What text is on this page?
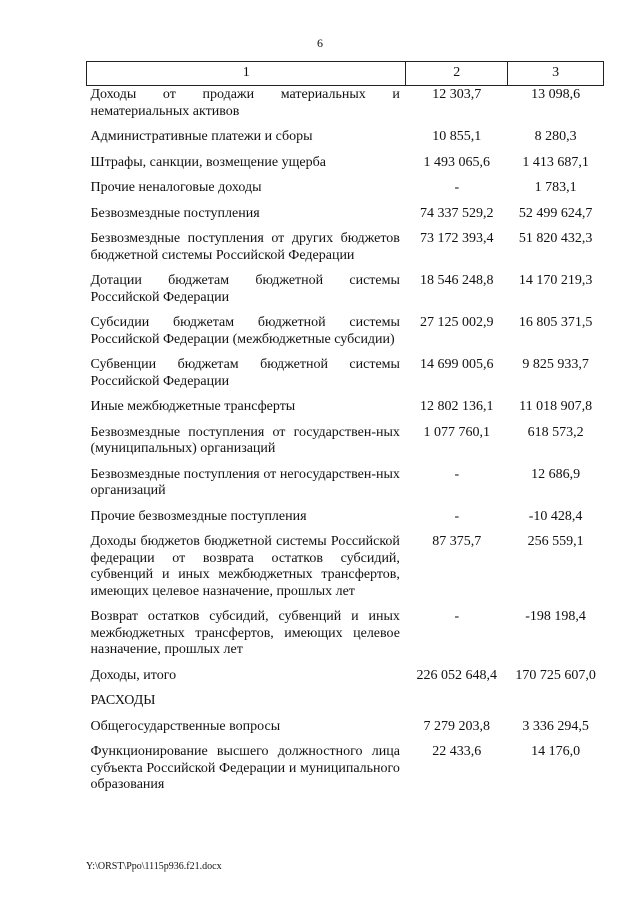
6
1	2	3
Доходы от продажи материальных и нематериальных активов	12 303,7	13 098,6
Административные платежи и сборы	10 855,1	8 280,3
Штрафы, санкции, возмещение ущерба	1 493 065,6	1 413 687,1
Прочие неналоговые доходы	-	1 783,1
Безвозмездные поступления	74 337 529,2	52 499 624,7
Безвозмездные поступления от других бюджетов бюджетной системы Российской Федерации	73 172 393,4	51 820 432,3
Дотации бюджетам бюджетной системы Российской Федерации	18 546 248,8	14 170 219,3
Субсидии бюджетам бюджетной системы Российской Федерации (межбюджетные субсидии)	27 125 002,9	16 805 371,5
Субвенции бюджетам бюджетной системы Российской Федерации	14 699 005,6	9 825 933,7
Иные межбюджетные трансферты	12 802 136,1	11 018 907,8
Безвозмездные поступления от государствен-ных (муниципальных) организаций	1 077 760,1	618 573,2
Безвозмездные поступления от негосударствен-ных организаций	-	12 686,9
Прочие безвозмездные поступления	-	-10 428,4
Доходы бюджетов бюджетной системы Российской федерации от возврата остатков субсидий, субвенций и иных межбюджетных трансфертов, имеющих целевое назначение, прошлых лет	87 375,7	256 559,1
Возврат остатков субсидий, субвенций и иных межбюджетных трансфертов, имеющих целевое назначение, прошлых лет	-	-198 198,4
Доходы, итого	226 052 648,4	170 725 607,0
РАСХОДЫ		
Общегосударственные вопросы	7 279 203,8	3 336 294,5
Функционирование высшего должностного лица субъекта Российской Федерации и муниципального образования	22 433,6	14 176,0
Y:\ORST\Ppo\1115p936.f21.docx
